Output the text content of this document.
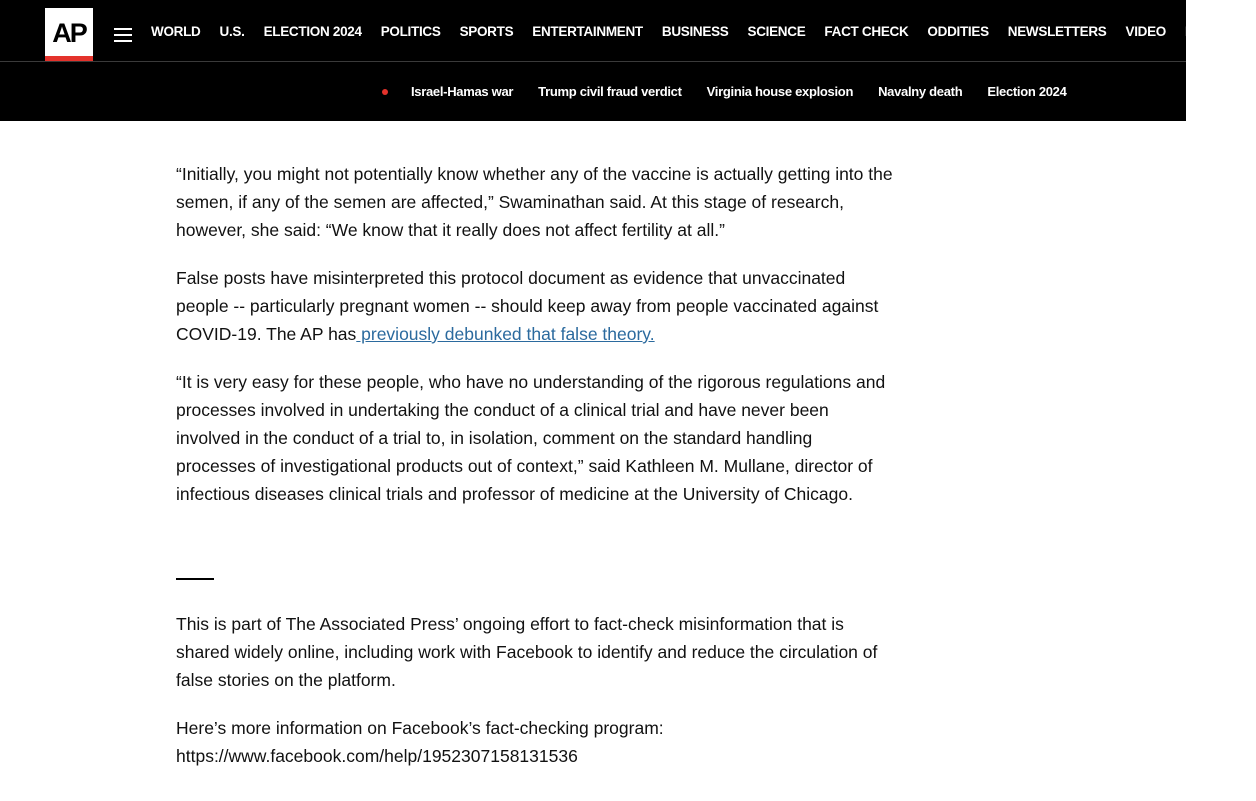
AP	WORLD U.S. ELECTION 2024 POLITICS SPORTS ENTERTAINMENT BUSINESS SCIENCE FACT CHECK ODDITIES NEWSLETTERS VIDEO HEALTH
Israel-Hamas war Trump civil fraud verdict Virginia house explosion Navalny death Election 2024

“Initially, you might not potentially know whether any of the vaccine is actually getting into the semen, if any of the semen are affected,” Swaminathan said. At this stage of research, however, she said: “We know that it really does not affect fertility at all.”

False posts have misinterpreted this protocol document as evidence that unvaccinated people -- particularly pregnant women -- should keep away from people vaccinated against COVID-19. The AP has previously debunked that false theory.

“It is very easy for these people, who have no understanding of the rigorous regulations and processes involved in undertaking the conduct of a clinical trial and have never been involved in the conduct of a trial to, in isolation, comment on the standard handling processes of investigational products out of context,” said Kathleen M. Mullane, director of infectious diseases clinical trials and professor of medicine at the University of Chicago.

This is part of The Associated Press’ ongoing effort to fact-check misinformation that is shared widely online, including work with Facebook to identify and reduce the circulation of false stories on the platform.

Here’s more information on Facebook’s fact-checking program:
https://www.facebook.com/help/1952307158131536
